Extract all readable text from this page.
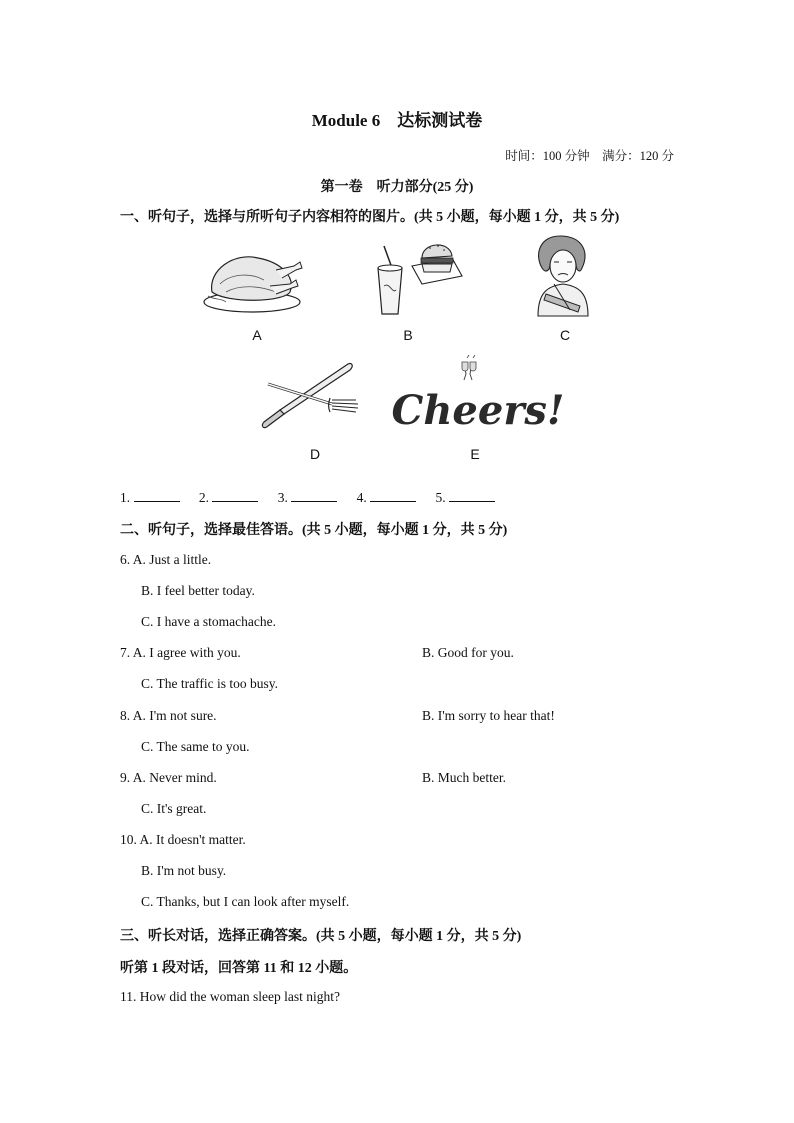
Module 6　达标测试卷
时间：100 分钟　满分：120 分
第一卷　听力部分(25 分)
一、听句子，选择与所听句子内容相符的图片。(共 5 小题，每小题 1 分，共 5 分)
A	B	C
D
Cheers!
E
1.	2.	3.	4.	5.
二、听句子，选择最佳答语。(共 5 小题，每小题 1 分，共 5 分)
6. A. Just a little.
B. I feel better today.
C. I have a stomachache.
7. A. I agree with you.	B. Good for you.
C. The traffic is too busy.
8. A. I'm not sure.	B. I'm sorry to hear that!
C. The same to you.
9. A. Never mind.	B. Much better.
C. It's great.
10. A. It doesn't matter.
B. I'm not busy.
C. Thanks, but I can look after myself.
三、听长对话，选择正确答案。(共 5 小题，每小题 1 分，共 5 分)
听第 1 段对话，回答第 11 和 12 小题。
11. How did the woman sleep last night?
